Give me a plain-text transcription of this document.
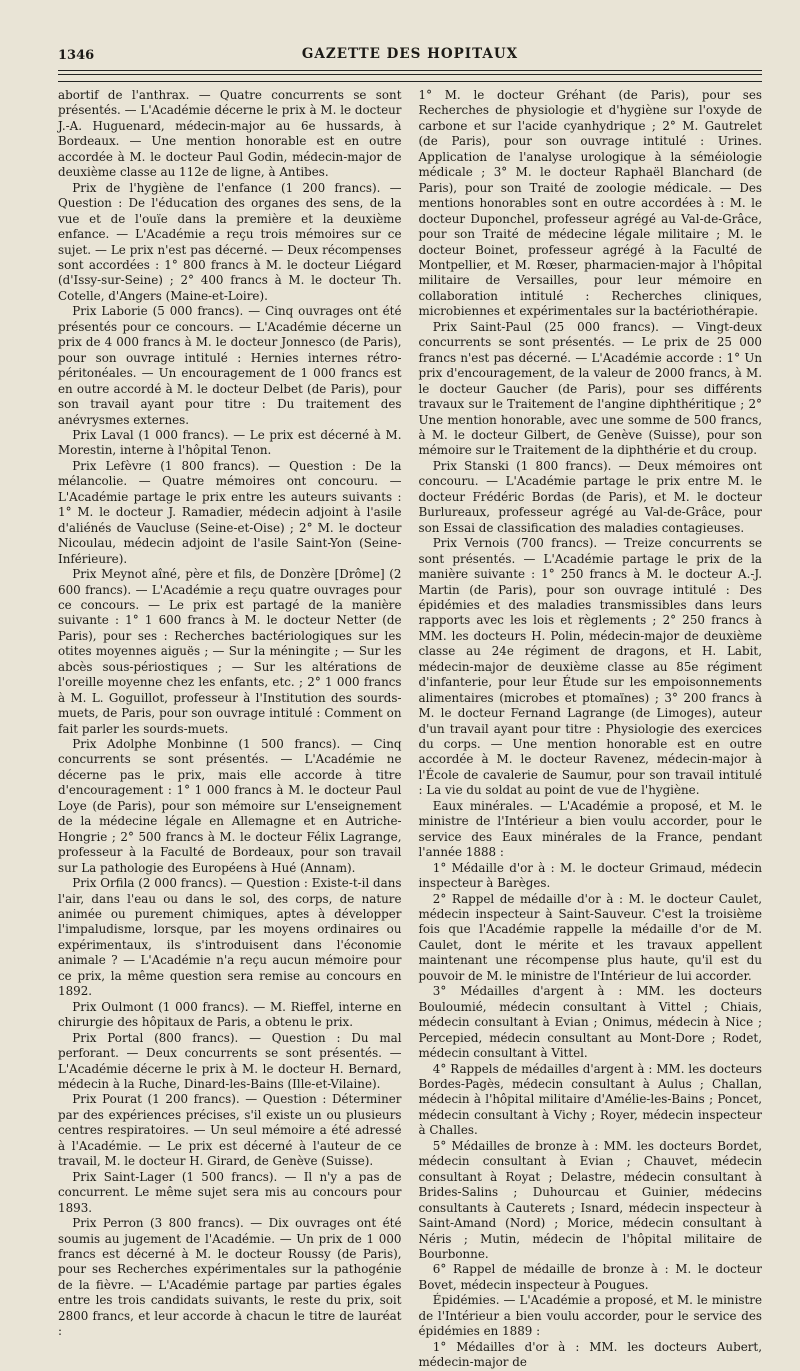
1346	GAZETTE DES HOPITAUX

abortif de l'anthrax. — Quatre concurrents se sont présentés. — L'Académie décerne le prix à M. le docteur J.-A. Huguenard, médecin-major au 6e hussards, à Bordeaux. — Une mention honorable est en outre accordée à M. le docteur Paul Godin, médecin-major de deuxième classe au 112e de ligne, à Antibes.

Prix de l'hygiène de l'enfance (1 200 francs). — Question : De l'éducation des organes des sens, de la vue et de l'ouïe dans la première et la deuxième enfance. — L'Académie a reçu trois mémoires sur ce sujet. — Le prix n'est pas décerné. — Deux récompenses sont accordées : 1° 800 francs à M. le docteur Liégard (d'Issy-sur-Seine) ; 2° 400 francs à M. le docteur Th. Cotelle, d'Angers (Maine-et-Loire).

Prix Laborie (5 000 francs). — Cinq ouvrages ont été présentés pour ce concours. — L'Académie décerne un prix de 4 000 francs à M. le docteur Jonnesco (de Paris), pour son ouvrage intitulé : Hernies internes rétro-péritonéales. — Un encouragement de 1 000 francs est en outre accordé à M. le docteur Delbet (de Paris), pour son travail ayant pour titre : Du traitement des anévrysmes externes.

Prix Laval (1 000 francs). — Le prix est décerné à M. Morestin, interne à l'hôpital Tenon.

Prix Lefèvre (1 800 francs). — Question : De la mélancolie. — Quatre mémoires ont concouru. — L'Académie partage le prix entre les auteurs suivants : 1° M. le docteur J. Ramadier, médecin adjoint à l'asile d'aliénés de Vaucluse (Seine-et-Oise) ; 2° M. le docteur Nicoulau, médecin adjoint de l'asile Saint-Yon (Seine-Inférieure).

Prix Meynot aîné, père et fils, de Donzère [Drôme] (2 600 francs). — L'Académie a reçu quatre ouvrages pour ce concours. — Le prix est partagé de la manière suivante : 1° 1 600 francs à M. le docteur Netter (de Paris), pour ses : Recherches bactériologiques sur les otites moyennes aiguës ; — Sur la méningite ; — Sur les abcès sous-périostiques ; — Sur les altérations de l'oreille moyenne chez les enfants, etc. ; 2° 1 000 francs à M. L. Goguillot, professeur à l'Institution des sourds-muets, de Paris, pour son ouvrage intitulé : Comment on fait parler les sourds-muets.

Prix Adolphe Monbinne (1 500 francs). — Cinq concurrents se sont présentés. — L'Académie ne décerne pas le prix, mais elle accorde à titre d'encouragement : 1° 1 000 francs à M. le docteur Paul Loye (de Paris), pour son mémoire sur L'enseignement de la médecine légale en Allemagne et en Autriche-Hongrie ; 2° 500 francs à M. le docteur Félix Lagrange, professeur à la Faculté de Bordeaux, pour son travail sur La pathologie des Européens à Hué (Annam).

Prix Orfila (2 000 francs). — Question : Existe-t-il dans l'air, dans l'eau ou dans le sol, des corps, de nature animée ou purement chimiques, aptes à développer l'impaludisme, lorsque, par les moyens ordinaires ou expérimentaux, ils s'introduisent dans l'économie animale ? — L'Académie n'a reçu aucun mémoire pour ce prix, la même question sera remise au concours en 1892.

Prix Oulmont (1 000 francs). — M. Rieffel, interne en chirurgie des hôpitaux de Paris, a obtenu le prix.

Prix Portal (800 francs). — Question : Du mal perforant. — Deux concurrents se sont présentés. — L'Académie décerne le prix à M. le docteur H. Bernard, médecin à la Ruche, Dinard-les-Bains (Ille-et-Vilaine).

Prix Pourat (1 200 francs). — Question : Déterminer par des expériences précises, s'il existe un ou plusieurs centres respiratoires. — Un seul mémoire a été adressé à l'Académie. — Le prix est décerné à l'auteur de ce travail, M. le docteur H. Girard, de Genève (Suisse).

Prix Saint-Lager (1 500 francs). — Il n'y a pas de concurrent. Le même sujet sera mis au concours pour 1893.

Prix Perron (3 800 francs). — Dix ouvrages ont été soumis au jugement de l'Académie. — Un prix de 1 000 francs est décerné à M. le docteur Roussy (de Paris), pour ses Recherches expérimentales sur la pathogénie de la fièvre. — L'Académie partage par parties égales entre les trois candidats suivants, le reste du prix, soit 2800 francs, et leur accorde à chacun le titre de lauréat :

1° M. le docteur Gréhant (de Paris), pour ses Recherches de physiologie et d'hygiène sur l'oxyde de carbone et sur l'acide cyanhydrique ; 2° M. Gautrelet (de Paris), pour son ouvrage intitulé : Urines. Application de l'analyse urologique à la séméiologie médicale ; 3° M. le docteur Raphaël Blanchard (de Paris), pour son Traité de zoologie médicale. — Des mentions honorables sont en outre accordées à : M. le docteur Duponchel, professeur agrégé au Val-de-Grâce, pour son Traité de médecine légale militaire ; M. le docteur Boinet, professeur agrégé à la Faculté de Montpellier, et M. Rœser, pharmacien-major à l'hôpital militaire de Versailles, pour leur mémoire en collaboration intitulé : Recherches cliniques, microbiennes et expérimentales sur la bactériothérapie.

Prix Saint-Paul (25 000 francs). — Vingt-deux concurrents se sont présentés. — Le prix de 25 000 francs n'est pas décerné. — L'Académie accorde : 1° Un prix d'encouragement, de la valeur de 2000 francs, à M. le docteur Gaucher (de Paris), pour ses différents travaux sur le Traitement de l'angine diphthéritique ; 2° Une mention honorable, avec une somme de 500 francs, à M. le docteur Gilbert, de Genève (Suisse), pour son mémoire sur le Traitement de la diphthérie et du croup.

Prix Stanski (1 800 francs). — Deux mémoires ont concouru. — L'Académie partage le prix entre M. le docteur Frédéric Bordas (de Paris), et M. le docteur Burlureaux, professeur agrégé au Val-de-Grâce, pour son Essai de classification des maladies contagieuses.

Prix Vernois (700 francs). — Treize concurrents se sont présentés. — L'Académie partage le prix de la manière suivante : 1° 250 francs à M. le docteur A.-J. Martin (de Paris), pour son ouvrage intitulé : Des épidémies et des maladies transmissibles dans leurs rapports avec les lois et règlements ; 2° 250 francs à MM. les docteurs H. Polin, médecin-major de deuxième classe au 24e régiment de dragons, et H. Labit, médecin-major de deuxième classe au 85e régiment d'infanterie, pour leur Étude sur les empoisonnements alimentaires (microbes et ptomaïnes) ; 3° 200 francs à M. le docteur Fernand Lagrange (de Limoges), auteur d'un travail ayant pour titre : Physiologie des exercices du corps. — Une mention honorable est en outre accordée à M. le docteur Ravenez, médecin-major à l'École de cavalerie de Saumur, pour son travail intitulé : La vie du soldat au point de vue de l'hygiène.

Eaux minérales. — L'Académie a proposé, et M. le ministre de l'Intérieur a bien voulu accorder, pour le service des Eaux minérales de la France, pendant l'année 1888 :

1° Médaille d'or à : M. le docteur Grimaud, médecin inspecteur à Barèges.

2° Rappel de médaille d'or à : M. le docteur Caulet, médecin inspecteur à Saint-Sauveur. C'est la troisième fois que l'Académie rappelle la médaille d'or de M. Caulet, dont le mérite et les travaux appellent maintenant une récompense plus haute, qu'il est du pouvoir de M. le ministre de l'Intérieur de lui accorder.

3° Médailles d'argent à : MM. les docteurs Bouloumié, médecin consultant à Vittel ; Chiais, médecin consultant à Evian ; Onimus, médecin à Nice ; Percepied, médecin consultant au Mont-Dore ; Rodet, médecin consultant à Vittel.

4° Rappels de médailles d'argent à : MM. les docteurs Bordes-Pagès, médecin consultant à Aulus ; Challan, médecin à l'hôpital militaire d'Amélie-les-Bains ; Poncet, médecin consultant à Vichy ; Royer, médecin inspecteur à Challes.

5° Médailles de bronze à : MM. les docteurs Bordet, médecin consultant à Evian ; Chauvet, médecin consultant à Royat ; Delastre, médecin consultant à Brides-Salins ; Duhourcau et Guinier, médecins consultants à Cauterets ; Isnard, médecin inspecteur à Saint-Amand (Nord) ; Morice, médecin consultant à Néris ; Mutin, médecin de l'hôpital militaire de Bourbonne.

6° Rappel de médaille de bronze à : M. le docteur Bovet, médecin inspecteur à Pougues.

Épidémies. — L'Académie a proposé, et M. le ministre de l'Intérieur a bien voulu accorder, pour le service des épidémies en 1889 :

1° Médailles d'or à : MM. les docteurs Aubert, médecin-major de
